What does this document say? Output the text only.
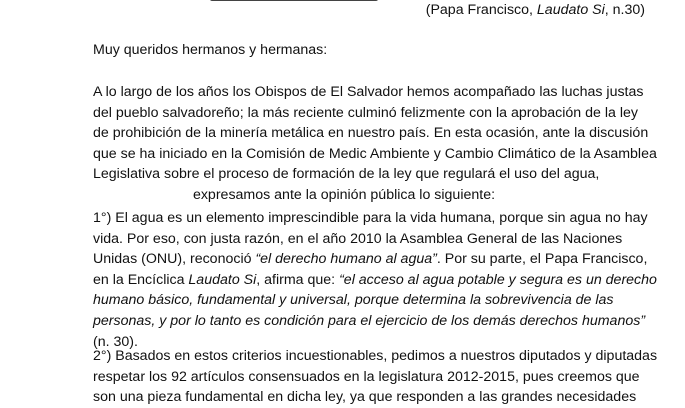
(Papa Francisco, Laudato Si, n.30)
Muy queridos hermanos y hermanas:
A lo largo de los años los Obispos de El Salvador hemos acompañado las luchas justas
del pueblo salvadoreño; la más reciente culminó felizmente con la aprobación de la ley
de prohibición de la minería metálica en nuestro país. En esta ocasión, ante la discusión
que se ha iniciado en la Comisión de Medic Ambiente y Cambio Climático de la Asamblea
Legislativa sobre el proceso de formación de la ley que regulará el uso del agua,
expresamos ante la opinión pública lo siguiente:
1°) El agua es un elemento imprescindible para la vida humana, porque sin agua no hay
vida. Por eso, con justa razón, en el año 2010 la Asamblea General de las Naciones
Unidas (ONU), reconoció “el derecho humano al agua”. Por su parte, el Papa Francisco,
en la Encíclica Laudato Si, afirma que: “el acceso al agua potable y segura es un derecho
humano básico, fundamental y universal, porque determina la sobrevivencia de las
personas, y por lo tanto es condición para el ejercicio de los demás derechos humanos”
(n. 30).
2°) Basados en estos criterios incuestionables, pedimos a nuestros diputados y diputadas
respetar los 92 artículos consensuados en la legislatura 2012-2015, pues creemos que
son una pieza fundamental en dicha ley, ya que responden a las grandes necesidades
